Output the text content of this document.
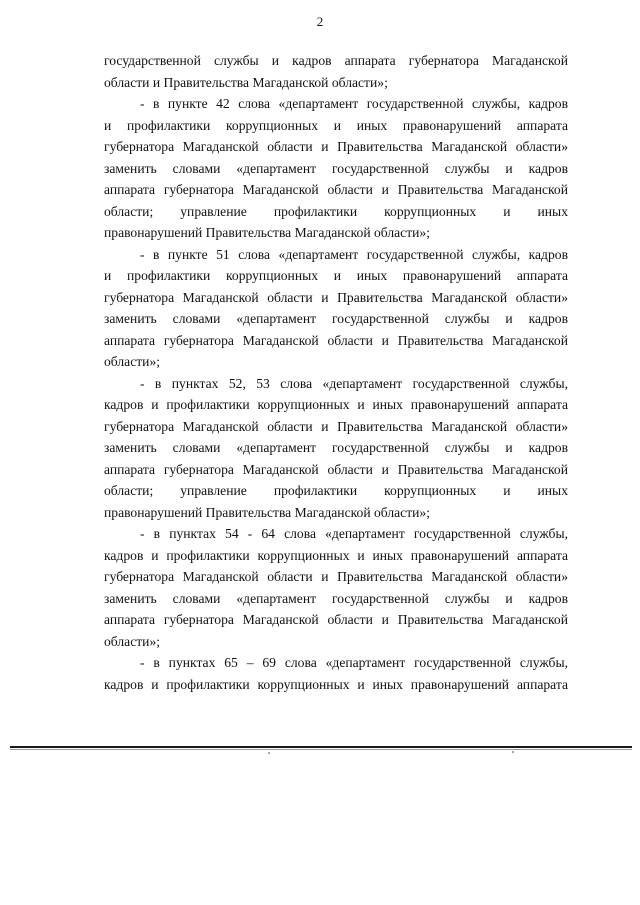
2
государственной службы и кадров аппарата губернатора Магаданской
области и Правительства Магаданской области»;
- в пункте 42 слова «департамент государственной службы, кадров
и профилактики коррупционных и иных правонарушений аппарата
губернатора Магаданской области и Правительства Магаданской области»
заменить словами «департамент государственной службы и кадров
аппарата губернатора Магаданской области и Правительства Магаданской
области; управление профилактики коррупционных и иных
правонарушений Правительства Магаданской области»;
- в пункте 51 слова «департамент государственной службы, кадров
и профилактики коррупционных и иных правонарушений аппарата
губернатора Магаданской области и Правительства Магаданской области»
заменить словами «департамент государственной службы и кадров
аппарата губернатора Магаданской области и Правительства Магаданской
области»;
- в пунктах 52, 53 слова «департамент государственной службы,
кадров и профилактики коррупционных и иных правонарушений аппарата
губернатора Магаданской области и Правительства Магаданской области»
заменить словами «департамент государственной службы и кадров
аппарата губернатора Магаданской области и Правительства Магаданской
области; управление профилактики коррупционных и иных
правонарушений Правительства Магаданской области»;
- в пунктах 54 - 64 слова «департамент государственной службы,
кадров и профилактики коррупционных и иных правонарушений аппарата
губернатора Магаданской области и Правительства Магаданской области»
заменить словами «департамент государственной службы и кадров
аппарата губернатора Магаданской области и Правительства Магаданской
области»;
- в пунктах 65 – 69 слова «департамент государственной службы,
кадров и профилактики коррупционных и иных правонарушений аппарата
